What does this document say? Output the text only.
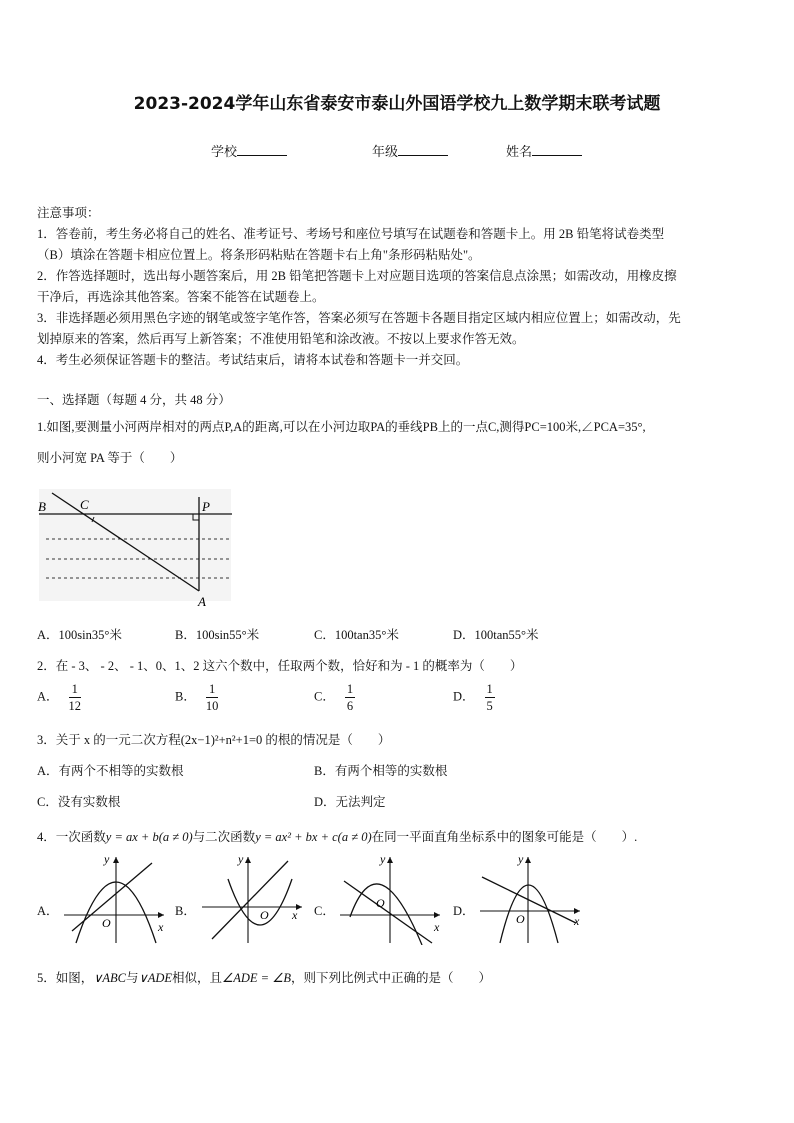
2023-2024学年山东省泰安市泰山外国语学校九上数学期末联考试题
学校	年级	姓名
注意事项：
1．答卷前，考生务必将自己的姓名、准考证号、考场号和座位号填写在试题卷和答题卡上。用 2B 铅笔将试卷类型
（B）填涂在答题卡相应位置上。将条形码粘贴在答题卡右上角"条形码粘贴处"。
2．作答选择题时，选出每小题答案后，用 2B 铅笔把答题卡上对应题目选项的答案信息点涂黑；如需改动，用橡皮擦
干净后，再选涂其他答案。答案不能答在试题卷上。
3．非选择题必须用黑色字迹的钢笔或签字笔作答，答案必须写在答题卡各题目指定区域内相应位置上；如需改动，先
划掉原来的答案，然后再写上新答案；不准使用铅笔和涂改液。不按以上要求作答无效。
4．考生必须保证答题卡的整洁。考试结束后，请将本试卷和答题卡一并交回。
一、选择题（每题 4 分，共 48 分）
1.如图,要测量小河两岸相对的两点P,A的距离,可以在小河边取PA的垂线PB上的一点C,测得PC=100米,∠PCA=35°,
则小河宽 PA 等于（　　）
B	C	P
A
A．100sin35°米	B．100sin55°米	C．100tan35°米	D．100tan55°米
2．在 - 3、 - 2、 - 1、0、1、2 这六个数中，任取两个数，恰好和为 - 1 的概率为（　　）
A． $\frac{1}{12}$	B． $\frac{1}{10}$	C． $\frac{1}{6}$	D． $\frac{1}{5}$
3．关于 x 的一元二次方程(2x−1)²+n²+1=0 的根的情况是（　　）
A．有两个不相等的实数根	B．有两个相等的实数根
C．没有实数根	D．无法判定
4．一次函数y = ax + b(a ≠ 0)与二次函数y = ax² + bx + c(a ≠ 0)在同一平面直角坐标系中的图象可能是（　　）.
A．
y
x
O
B．
y
x
O	C．
y
x
O
D．
y
x
O
5．如图，∨ABC与∨ADE相似，且∠ADE = ∠B，则下列比例式中正确的是（　　）
